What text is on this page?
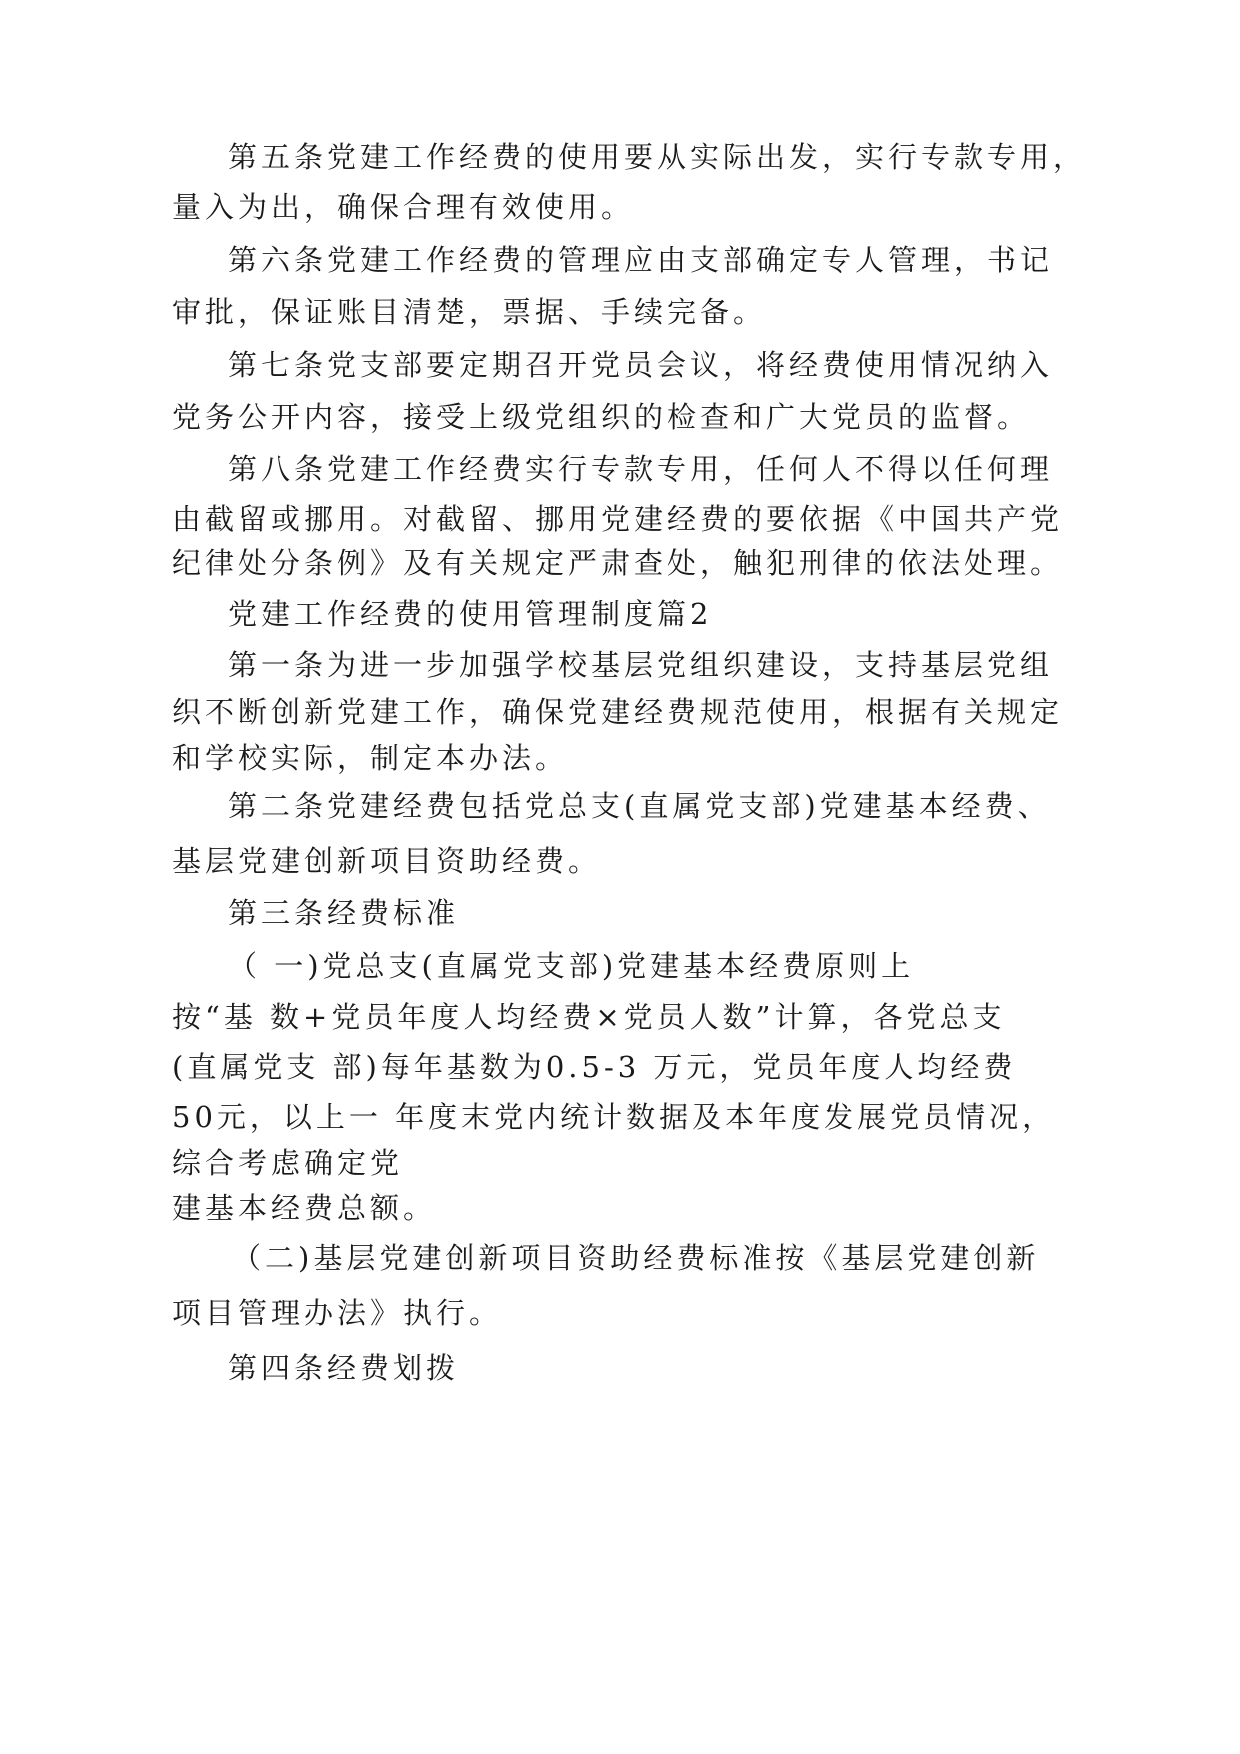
第五条党建工作经费的使用要从实际出发，实行专款专用，
量入为出，确保合理有效使用。
第六条党建工作经费的管理应由支部确定专人管理，书记
审批，保证账目清楚，票据、手续完备。
第七条党支部要定期召开党员会议，将经费使用情况纳入
党务公开内容，接受上级党组织的检查和广大党员的监督。
第八条党建工作经费实行专款专用，任何人不得以任何理
由截留或挪用。对截留、挪用党建经费的要依据《中国共产党
纪律处分条例》及有关规定严肃查处，触犯刑律的依法处理。
党建工作经费的使用管理制度篇2
第一条为进一步加强学校基层党组织建设，支持基层党组
织不断创新党建工作，确保党建经费规范使用，根据有关规定
和学校实际，制定本办法。
第二条党建经费包括党总支(直属党支部)党建基本经费、
基层党建创新项目资助经费。
第三条经费标准
（ 一)党总支(直属党支部)党建基本经费原则上
按“基 数+党员年度人均经费×党员人数”计算，各党总支
(直属党支 部)每年基数为0.5-3 万元，党员年度人均经费
50元，以上一 年度末党内统计数据及本年度发展党员情况，
综合考虑确定党
建基本经费总额。
（二)基层党建创新项目资助经费标准按《基层党建创新
项目管理办法》执行。
第四条经费划拨
